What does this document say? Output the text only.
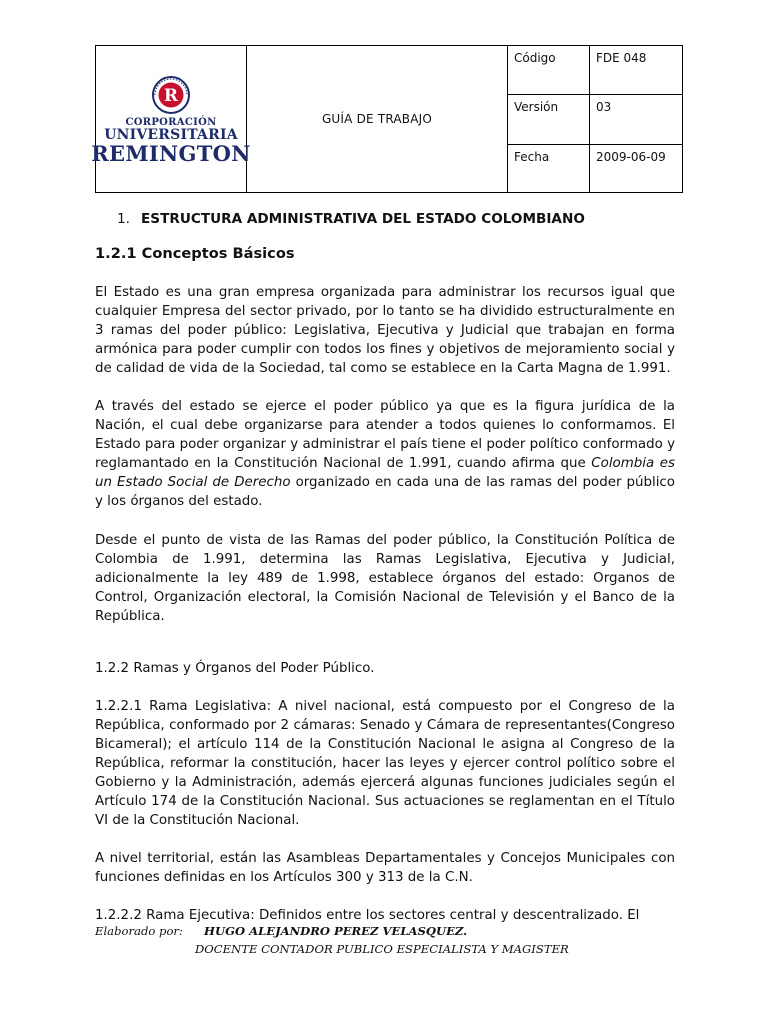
R
CORPORACIÓN
UNIVERSITARIA
REMINGTON	GUÍA DE TRABAJO	Código	FDE 048
		Versión	03
		Fecha	2009-06-09
1. ESTRUCTURA ADMINISTRATIVA DEL ESTADO COLOMBIANO
1.2.1 Conceptos Básicos

El Estado es una gran empresa organizada para administrar los recursos igual que cualquier Empresa del sector privado, por lo tanto se ha dividido estructuralmente en 3 ramas del poder público: Legislativa, Ejecutiva y Judicial que trabajan en forma armónica para poder cumplir con todos los fines y objetivos de mejoramiento social y de calidad de vida de la Sociedad, tal como se establece en la Carta Magna de 1.991.

A través del estado se ejerce el poder público ya que es la figura jurídica de la Nación, el cual debe organizarse para atender a todos quienes lo conformamos. El Estado para poder organizar y administrar el país tiene el poder político conformado y reglamantado en la Constitución Nacional de 1.991, cuando afirma que Colombia es un Estado Social de Derecho organizado en cada una de las ramas del poder público y los órganos del estado.

Desde el punto de vista de las Ramas del poder público, la Constitución Política de Colombia de 1.991, determina las Ramas Legislativa, Ejecutiva y Judicial, adicionalmente la ley 489 de 1.998, establece órganos del estado: Organos de Control, Organización electoral, la Comisión Nacional de Televisión y el Banco de la República.

1.2.2 Ramas y Órganos del Poder Público.

1.2.2.1 Rama Legislativa: A nivel nacional, está compuesto por el Congreso de la República, conformado por 2 cámaras: Senado y Cámara de representantes(Congreso Bicameral); el artículo 114 de la Constitución Nacional le asigna al Congreso de la República, reformar la constitución, hacer las leyes y ejercer control político sobre el Gobierno y la Administración, además ejercerá algunas funciones judiciales según el Artículo 174 de la Constitución Nacional. Sus actuaciones se reglamentan en el Título VI de la Constitución Nacional.

A nivel territorial, están las Asambleas Departamentales y Concejos Municipales con funciones definidas en los Artículos 300 y 313 de la C.N.

1.2.2.2 Rama Ejecutiva: Definidos entre los sectores central y descentralizado. El

Elaborado por:	HUGO ALEJANDRO PEREZ VELASQUEZ.
DOCENTE CONTADOR PUBLICO ESPECIALISTA Y MAGISTER
